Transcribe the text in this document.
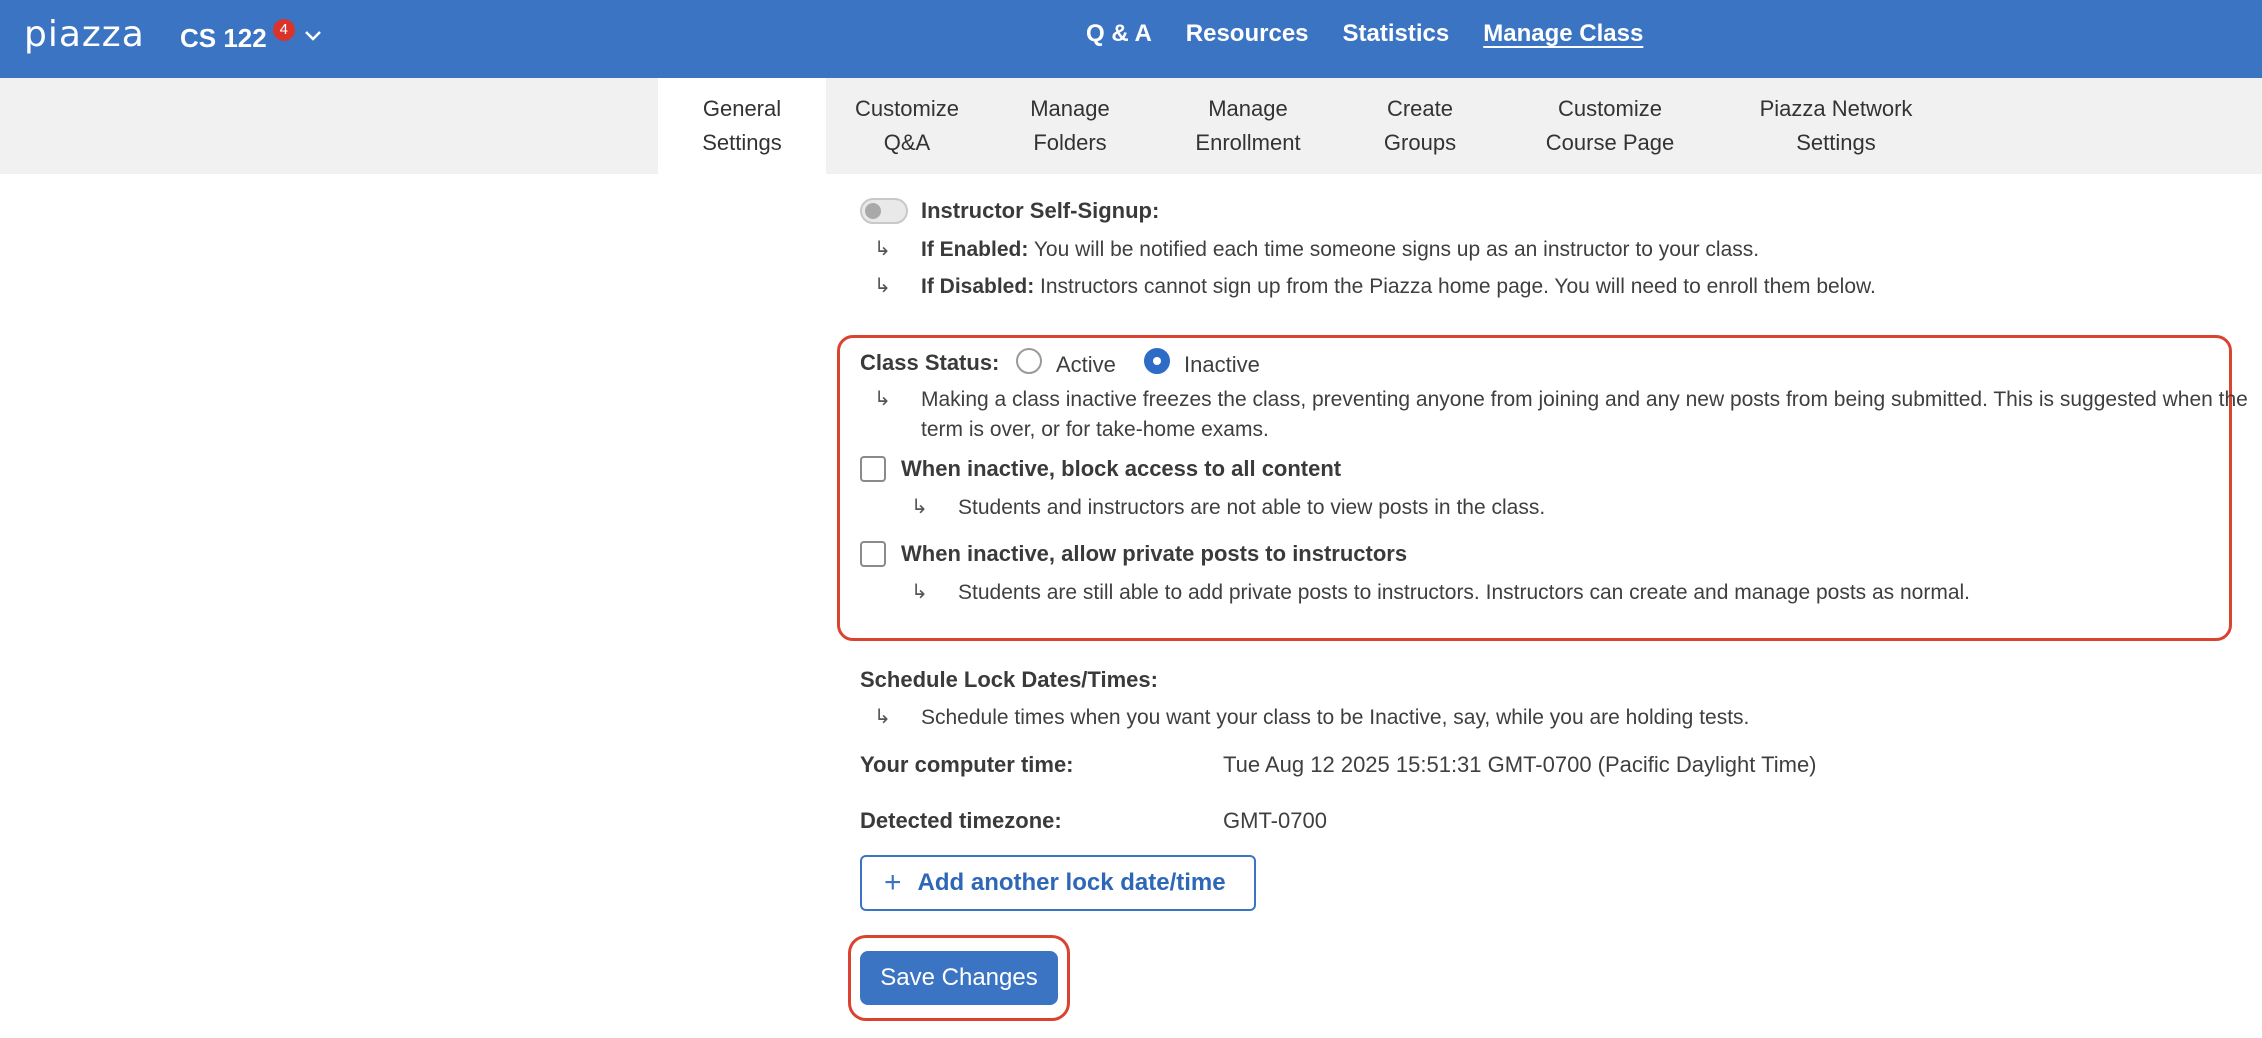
piazza CS 122 4	Q & A Resources Statistics Manage Class
General
Settings
Customize
Q&A
Manage
Folders
Manage
Enrollment
Create
Groups
Customize
Course Page
Piazza Network
Settings
Instructor Self-Signup:
↳ If Enabled: You will be notified each time someone signs up as an instructor to your class.
↳ If Disabled: Instructors cannot sign up from the Piazza home page. You will need to enroll them below.
Class Status:	Active	Inactive
↳ Making a class inactive freezes the class, preventing anyone from joining and any new posts from being submitted. This is suggested when the
term is over, or for take-home exams.
When inactive, block access to all content
↳ Students and instructors are not able to view posts in the class.
When inactive, allow private posts to instructors
↳ Students are still able to add private posts to instructors. Instructors can create and manage posts as normal.
Schedule Lock Dates/Times:
↳ Schedule times when you want your class to be Inactive, say, while you are holding tests.
Your computer time:	Tue Aug 12 2025 15:51:31 GMT-0700 (Pacific Daylight Time)
Detected timezone:	GMT-0700
+ Add another lock date/time
Save Changes
